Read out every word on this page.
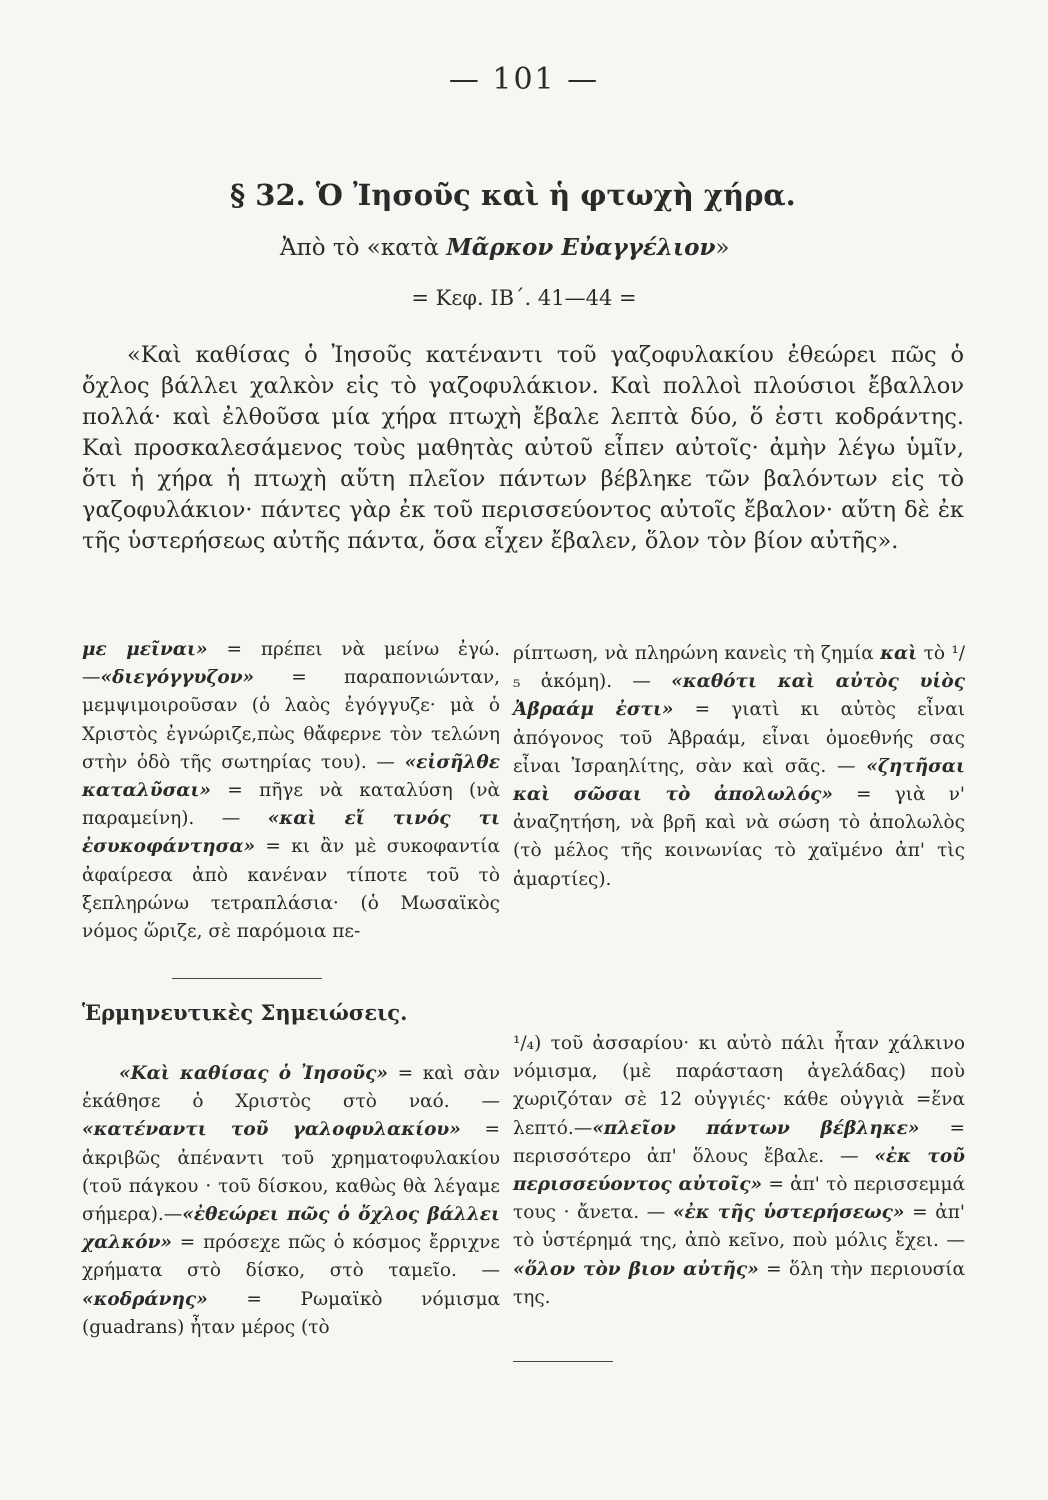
— 101 —
§ 32. Ὁ Ἰησοῦς καὶ ἡ φτωχὴ χήρα.
Ἀπὸ τὸ «κατὰ Μᾶρκον Εὐαγγέλιον»
= Κεφ. ΙΒ΄. 41—44 =
«Καὶ καθίσας ὁ Ἰησοῦς κατέναντι τοῦ γαζοφυλακίου ἐθεώρει πῶς ὁ ὄχλος βάλλει χαλκὸν εἰς τὸ γαζοφυλάκιον. Καὶ πολλοὶ πλούσιοι ἔβαλλον πολλά· καὶ ἐλθοῦσα μία χήρα πτωχὴ ἔβαλε λεπτὰ δύο, ὅ ἐστι κοδράντης. Καὶ προσκαλεσάμενος τοὺς μαθητὰς αὐτοῦ εἶπεν αὐτοῖς· ἀμὴν λέγω ὑμῖν, ὅτι ἡ χήρα ἡ πτωχὴ αὕτη πλεῖον πάντων βέβληκε τῶν βαλόντων εἰς τὸ γαζοφυλάκιον· πάντες γὰρ ἐκ τοῦ περισσεύοντος αὐτοῖς ἔβαλον· αὕτη δὲ ἐκ τῆς ὑστερήσεως αὐτῆς πάντα, ὅσα εἶχεν ἔβαλεν, ὅλον τὸν βίον αὐτῆς».
με μεῖναι» = πρέπει νὰ μείνω ἐγώ.—«διεγόγγυζον» = παραπονιώνταν, μεμψιμοιροῦσαν (ὁ λαὸς ἐγόγγυζε· μὰ ὁ Χριστὸς ἐγνώριζε,πὼς θἄφερνε τὸν τελώνη στὴν ὁδὸ τῆς σωτηρίας του). — «εἰσῆλθε καταλῦσαι» = πῆγε νὰ καταλύση (νὰ παραμείνη). — «καὶ εἴ τινός τι ἐσυκοφάντησα» = κι ἂν μὲ συκοφαντία ἀφαίρεσα ἀπὸ κανέναν τίποτε τοῦ τὸ ξεπληρώνω τετραπλάσια· (ὁ Μωσαϊκὸς νόμος ὥριζε, σὲ παρόμοια πε-
ρίπτωση, νὰ πληρώνη κανεὶς τὴ ζημία καὶ τὸ ¹/₅ ἀκόμη). — «καθότι καὶ αὐτὸς υἱὸς Ἀβραάμ ἐστι» = γιατὶ κι αὐτὸς εἶναι ἀπόγονος τοῦ Ἀβραάμ, εἶναι ὁμοεθνής σας εἶναι Ἰσραηλίτης, σὰν καὶ σᾶς. — «ζητῆσαι καὶ σῶσαι τὸ ἀπολωλός» = γιὰ ν' ἀναζητήση, νὰ βρῆ καὶ νὰ σώση τὸ ἀπολωλὸς (τὸ μέλος τῆς κοινωνίας τὸ χαϊμένο ἀπ' τὶς ἁμαρτίες).
Ἑρμηνευτικὲς Σημειώσεις.
«Καὶ καθίσας ὁ Ἰησοῦς» = καὶ σὰν ἐκάθησε ὁ Χριστὸς στὸ ναό. — «κατέναντι τοῦ γαλοφυλακίου» = ἀκριβῶς ἀπέναντι τοῦ χρηματοφυλακίου (τοῦ πάγκου · τοῦ δίσκου, καθὼς θὰ λέγαμε σήμερα).—«ἐθεώρει πῶς ὁ ὄχλος βάλλει χαλκόν» = πρόσεχε πῶς ὁ κόσμος ἔρριχνε χρήματα στὸ δίσκο, στὸ ταμεῖο. — «κοδράνης» = Ρωμαϊκὸ νόμισμα (guadrans) ἦταν μέρος (τὸ
¹/₄) τοῦ ἀσσαρίου· κι αὐτὸ πάλι ἦταν χάλκινο νόμισμα, (μὲ παράσταση ἀγελάδας) ποὺ χωριζόταν σὲ 12 οὐγγιές· κάθε οὐγγιὰ =ἕνα λεπτό.—«πλεῖον πάντων βέβληκε» = περισσότερο ἀπ' ὅλους ἔβαλε. — «ἐκ τοῦ περισσεύοντος αὐτοῖς» = ἀπ' τὸ περισσεμμά τους · ἄνετα. — «ἐκ τῆς ὑστερήσεως» = ἀπ' τὸ ὑστέρημά της, ἀπὸ κεῖνο, ποὺ μόλις ἔχει. — «ὅλον τὸν βιον αὐτῆς» = ὅλη τὴν περιουσία της.
